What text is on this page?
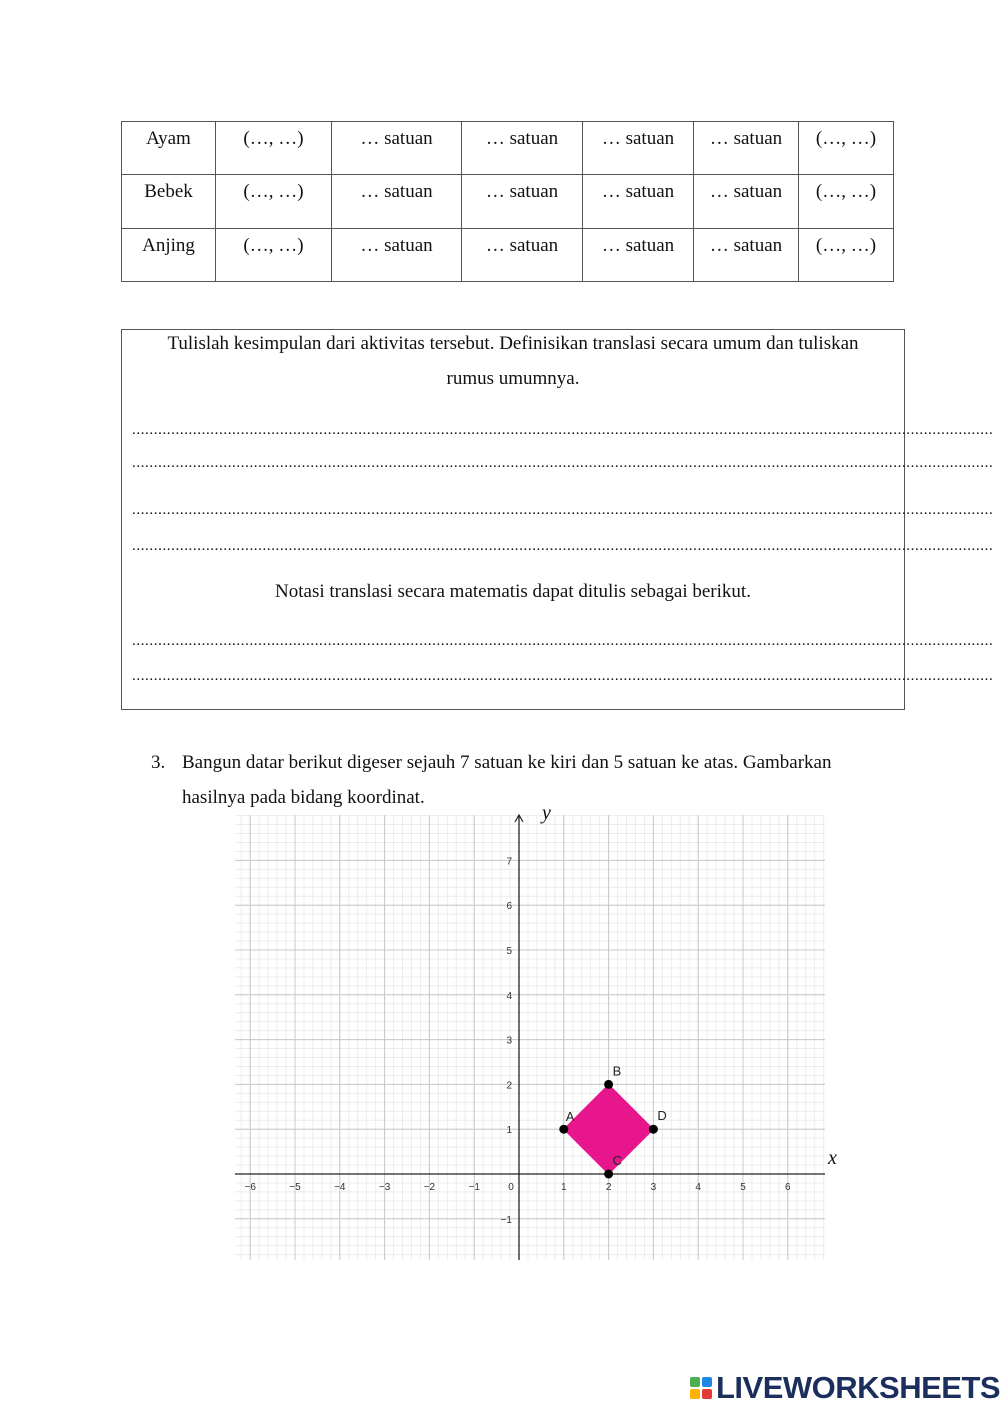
Ayam	(…, …)	… satuan	… satuan	… satuan	… satuan	(…, …)
Bebek	(…, …)	… satuan	… satuan	… satuan	… satuan	(…, …)
Anjing	(…, …)	… satuan	… satuan	… satuan	… satuan	(…, …)
Tulislah kesimpulan dari aktivitas tersebut. Definisikan translasi secara umum dan tuliskan
rumus umumnya.
......................................................................................................................................................................................................
......................................................................................................................................................................................................
......................................................................................................................................................................................................
......................................................................................................................................................................................................
Notasi translasi secara matematis dapat ditulis sebagai berikut.
......................................................................................................................................................................................................
......................................................................................................................................................................................................
3. Bangun datar berikut digeser sejauh 7 satuan ke kiri dan 5 satuan ke atas. Gambarkan
hasilnya pada bidang koordinat.
−6	−5	−4	−3	−2	−1	0	1	2	3	4	5	6
−1
1
2
3
4
5
6
7
A
B
D
C
y
x
LIVEWORKSHEETS
